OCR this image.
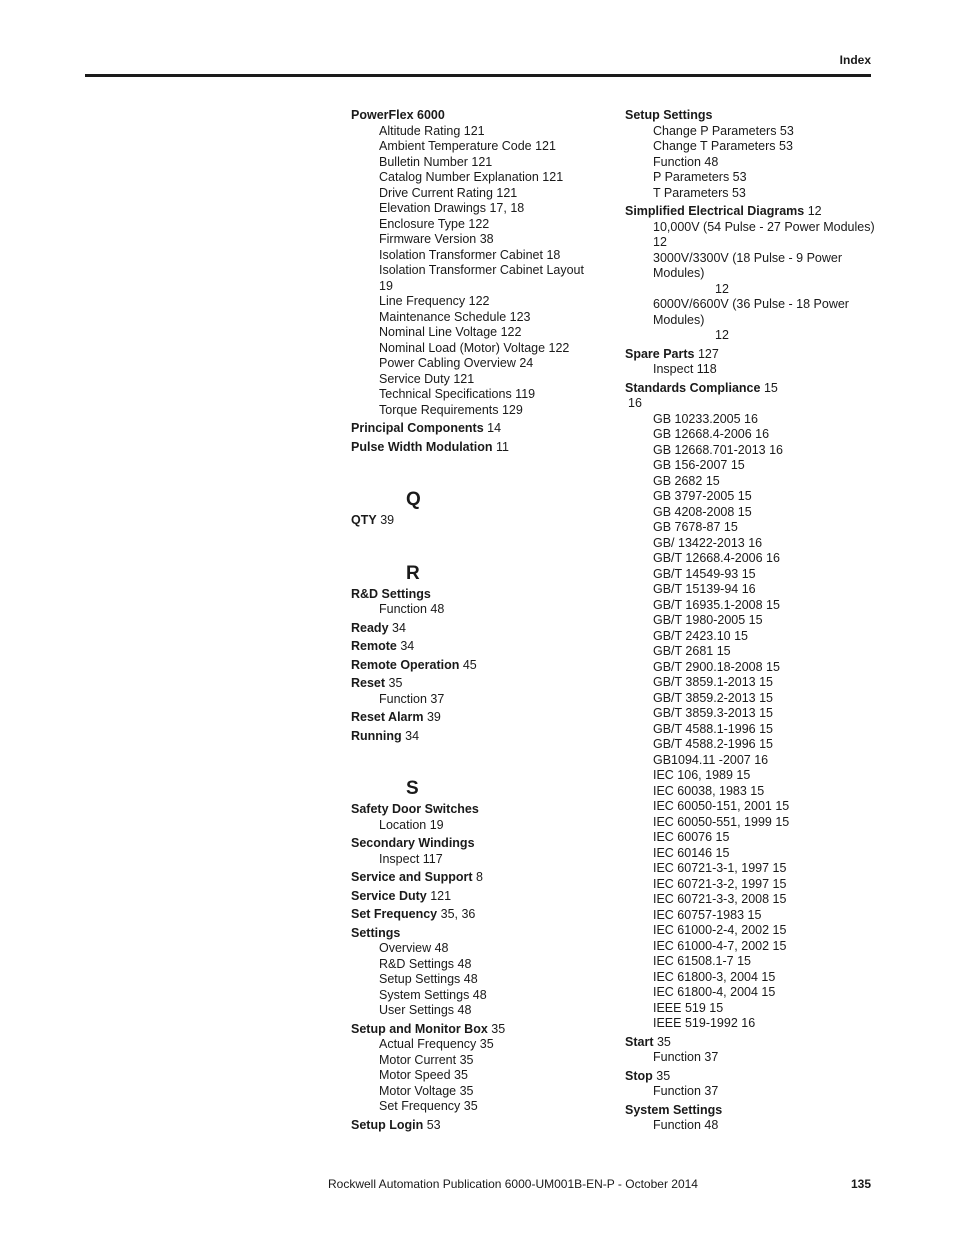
Index
PowerFlex 6000
Altitude Rating 121
Ambient Temperature Code 121
Bulletin Number 121
Catalog Number Explanation 121
Drive Current Rating 121
Elevation Drawings 17, 18
Enclosure Type 122
Firmware Version 38
Isolation Transformer Cabinet 18
Isolation Transformer Cabinet Layout 19
Line Frequency 122
Maintenance Schedule 123
Nominal Line Voltage 122
Nominal Load (Motor) Voltage 122
Power Cabling Overview 24
Service Duty 121
Technical Specifications 119
Torque Requirements 129
Principal Components 14
Pulse Width Modulation 11
Q
QTY 39
R
R&D Settings
Function 48
Ready 34
Remote 34
Remote Operation 45
Reset 35
Function 37
Reset Alarm 39
Running 34
S
Safety Door Switches
Location 19
Secondary Windings
Inspect 117
Service and Support 8
Service Duty 121
Set Frequency 35, 36
Settings
Overview 48
R&D Settings 48
Setup Settings 48
System Settings 48
User Settings 48
Setup and Monitor Box 35
Actual Frequency 35
Motor Current 35
Motor Speed 35
Motor Voltage 35
Set Frequency 35
Setup Login 53
Setup Settings
Change P Parameters 53
Change T Parameters 53
Function 48
P Parameters 53
T Parameters 53
Simplified Electrical Diagrams 12
10,000V (54 Pulse - 27 Power Modules) 12
3000V/3300V (18 Pulse - 9 Power Modules)
12
6000V/6600V (36 Pulse - 18 Power Modules)
12
Spare Parts 127
Inspect 118
Standards Compliance 15
16
GB 10233.2005 16
GB 12668.4-2006 16
GB 12668.701-2013 16
GB 156-2007 15
GB 2682 15
GB 3797-2005 15
GB 4208-2008 15
GB 7678-87 15
GB/ 13422-2013 16
GB/T 12668.4-2006 16
GB/T 14549-93 15
GB/T 15139-94 16
GB/T 16935.1-2008 15
GB/T 1980-2005 15
GB/T 2423.10 15
GB/T 2681 15
GB/T 2900.18-2008 15
GB/T 3859.1-2013 15
GB/T 3859.2-2013 15
GB/T 3859.3-2013 15
GB/T 4588.1-1996 15
GB/T 4588.2-1996 15
GB1094.11 -2007 16
IEC 106, 1989 15
IEC 60038, 1983 15
IEC 60050-151, 2001 15
IEC 60050-551, 1999 15
IEC 60076 15
IEC 60146 15
IEC 60721-3-1, 1997 15
IEC 60721-3-2, 1997 15
IEC 60721-3-3, 2008 15
IEC 60757-1983 15
IEC 61000-2-4, 2002 15
IEC 61000-4-7, 2002 15
IEC 61508.1-7 15
IEC 61800-3, 2004 15
IEC 61800-4, 2004 15
IEEE 519 15
IEEE 519-1992 16
Start 35
Function 37
Stop 35
Function 37
System Settings
Function 48
Rockwell Automation Publication 6000-UM001B-EN-P - October 2014	135
